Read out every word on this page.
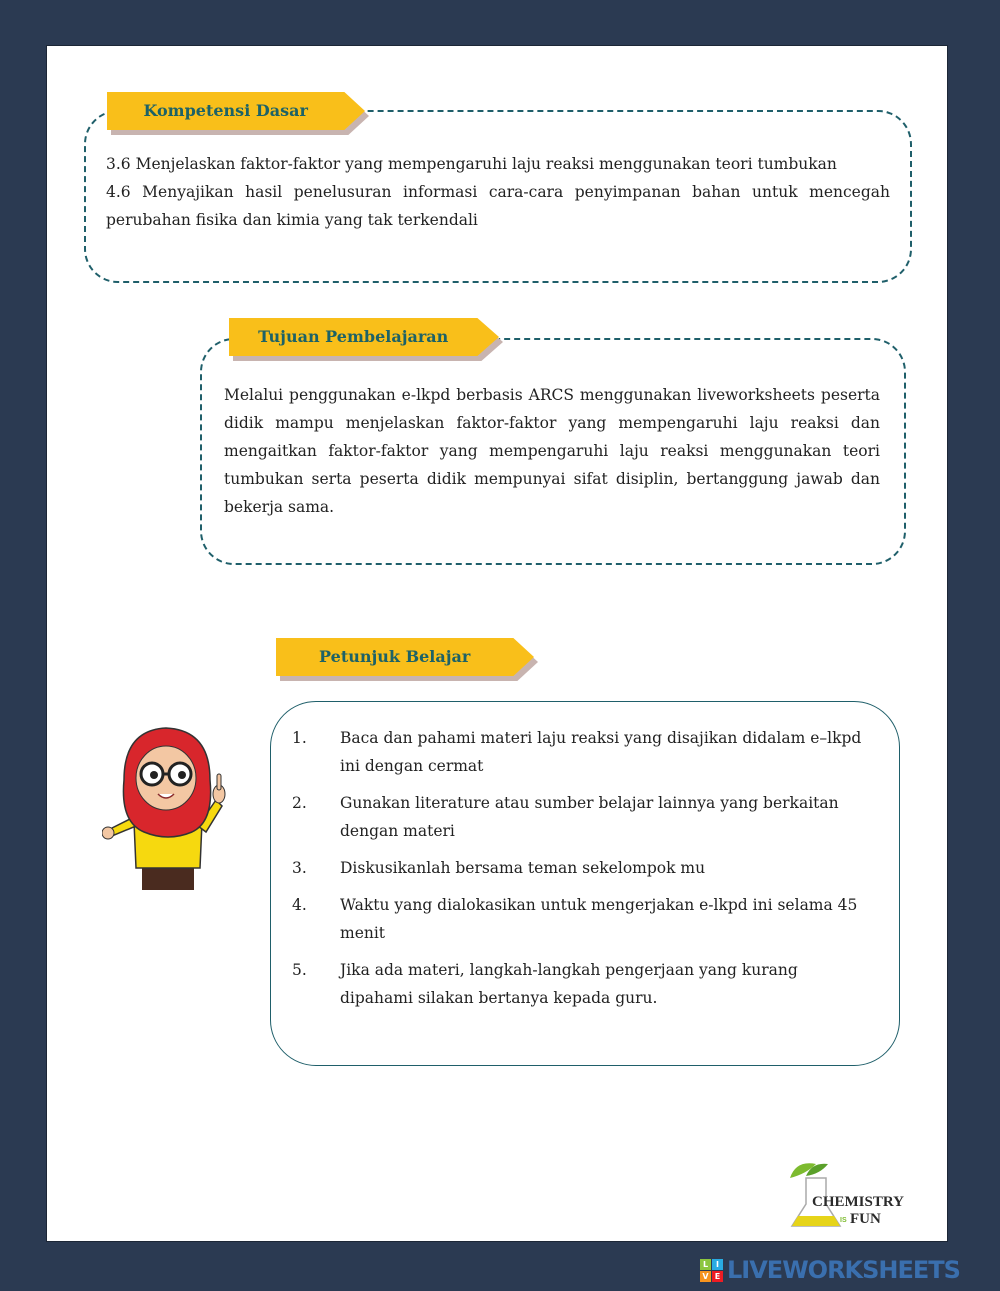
Kompetensi Dasar

3.6 Menjelaskan faktor-faktor yang mempengaruhi laju reaksi menggunakan teori tumbukan

4.6 Menyajikan hasil penelusuran informasi cara-cara penyimpanan bahan untuk mencegah perubahan fisika dan kimia yang tak terkendali

Tujuan Pembelajaran

Melalui penggunakan e-lkpd berbasis ARCS menggunakan liveworksheets peserta didik mampu menjelaskan faktor-faktor yang mempengaruhi laju reaksi dan mengaitkan faktor-faktor yang mempengaruhi laju reaksi menggunakan teori tumbukan serta peserta didik mempunyai sifat disiplin, bertanggung jawab dan bekerja sama.

Petunjuk Belajar
1.	Baca dan pahami materi laju reaksi yang disajikan didalam e–lkpd ini dengan cermat
2.	Gunakan literature atau sumber belajar lainnya yang berkaitan dengan materi
3.	Diskusikanlah bersama teman sekelompok mu
4.	Waktu yang dialokasikan untuk mengerjakan e-lkpd ini selama 45 menit
5.	Jika ada materi, langkah-langkah pengerjaan yang kurang dipahami silakan bertanya kepada guru.
CHEMISTRY
IS FUN
L I
V E LIVEWORKSHEETS
